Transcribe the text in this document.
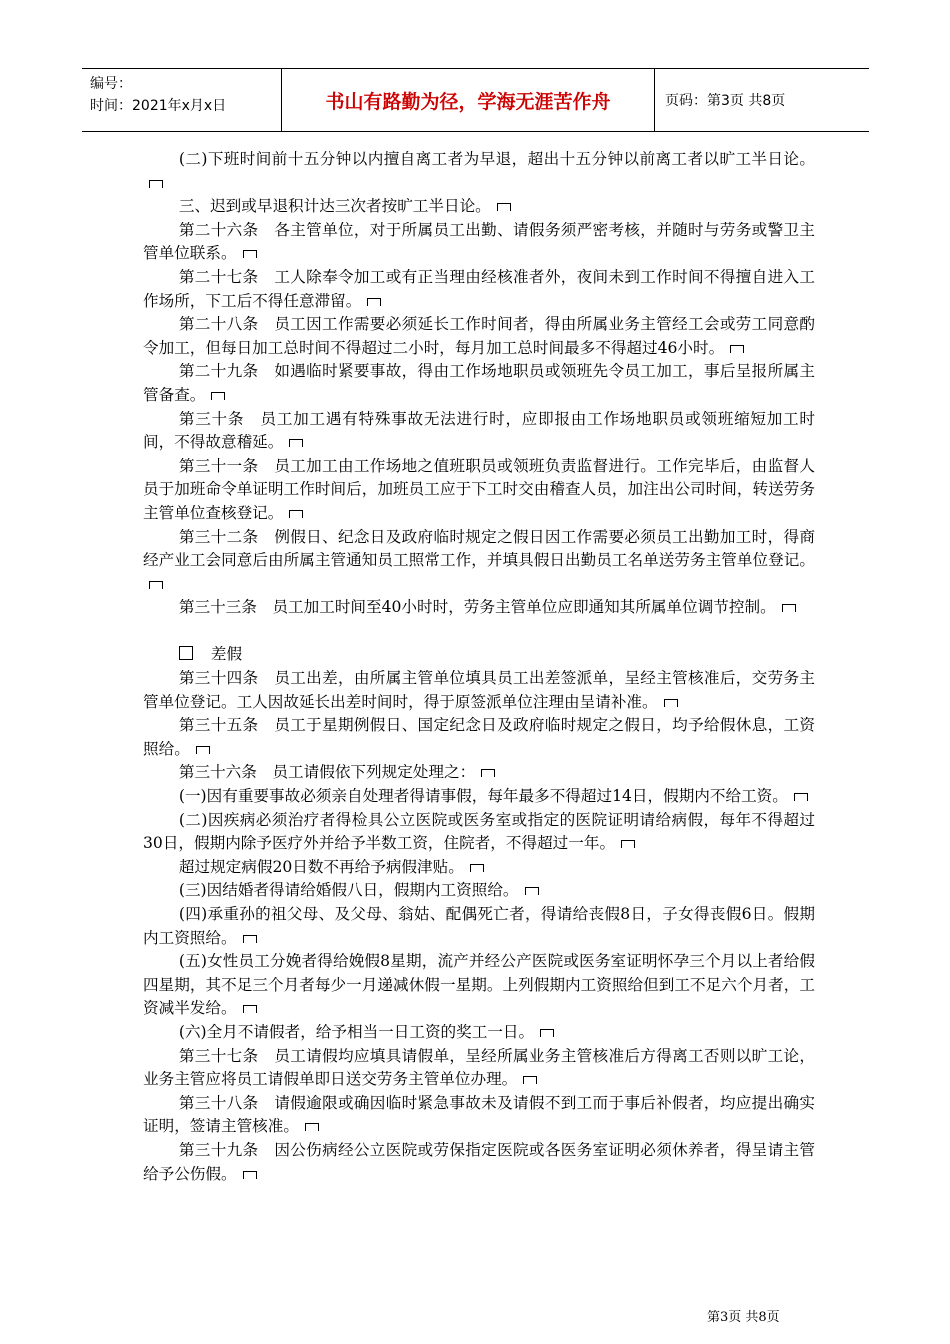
编号：
时间：2021年x月x日	书山有路勤为径，学海无涯苦作舟	页码：第3页 共8页

(二)下班时间前十五分钟以内擅自离工者为早退，超出十五分钟以前离工者以旷工半日论。

三、迟到或早退积计达三次者按旷工半日论。

第二十六条　各主管单位，对于所属员工出勤、请假务须严密考核，并随时与劳务或警卫主管单位联系。

第二十七条　工人除奉令加工或有正当理由经核准者外，夜间未到工作时间不得擅自进入工作场所，下工后不得任意滞留。

第二十八条　员工因工作需要必须延长工作时间者，得由所属业务主管经工会或劳工同意酌令加工，但每日加工总时间不得超过二小时，每月加工总时间最多不得超过46小时。

第二十九条　如遇临时紧要事故，得由工作场地职员或领班先令员工加工，事后呈报所属主管备查。

第三十条　员工加工遇有特殊事故无法进行时，应即报由工作场地职员或领班缩短加工时间，不得故意稽延。

第三十一条　员工加工由工作场地之值班职员或领班负责监督进行。工作完毕后，由监督人员于加班命令单证明工作时间后，加班员工应于下工时交由稽查人员，加注出公司时间，转送劳务主管单位查核登记。

第三十二条　例假日、纪念日及政府临时规定之假日因工作需要必须员工出勤加工时，得商经产业工会同意后由所属主管通知员工照常工作，并填具假日出勤员工名单送劳务主管单位登记。

第三十三条　员工加工时间至40小时时，劳务主管单位应即通知其所属单位调节控制。

差假

第三十四条　员工出差，由所属主管单位填具员工出差签派单，呈经主管核准后，交劳务主管单位登记。工人因故延长出差时间时，得于原签派单位注理由呈请补准。

第三十五条　员工于星期例假日、国定纪念日及政府临时规定之假日，均予给假休息，工资照给。

第三十六条　员工请假依下列规定处理之：

(一)因有重要事故必须亲自处理者得请事假，每年最多不得超过14日，假期内不给工资。

(二)因疾病必须治疗者得检具公立医院或医务室或指定的医院证明请给病假，每年不得超过30日，假期内除予医疗外并给予半数工资，住院者，不得超过一年。

超过规定病假20日数不再给予病假津贴。

(三)因结婚者得请给婚假八日，假期内工资照给。

(四)承重孙的祖父母、及父母、翁姑、配偶死亡者，得请给丧假8日，子女得丧假6日。假期内工资照给。

(五)女性员工分娩者得给娩假8星期，流产并经公产医院或医务室证明怀孕三个月以上者给假四星期，其不足三个月者每少一月递减休假一星期。上列假期内工资照给但到工不足六个月者，工资减半发给。

(六)全月不请假者，给予相当一日工资的奖工一日。

第三十七条　员工请假均应填具请假单，呈经所属业务主管核准后方得离工否则以旷工论，业务主管应将员工请假单即日送交劳务主管单位办理。

第三十八条　请假逾限或确因临时紧急事故未及请假不到工而于事后补假者，均应提出确实证明，签请主管核准。

第三十九条　因公伤病经公立医院或劳保指定医院或各医务室证明必须休养者，得呈请主管给予公伤假。

第3页 共8页
